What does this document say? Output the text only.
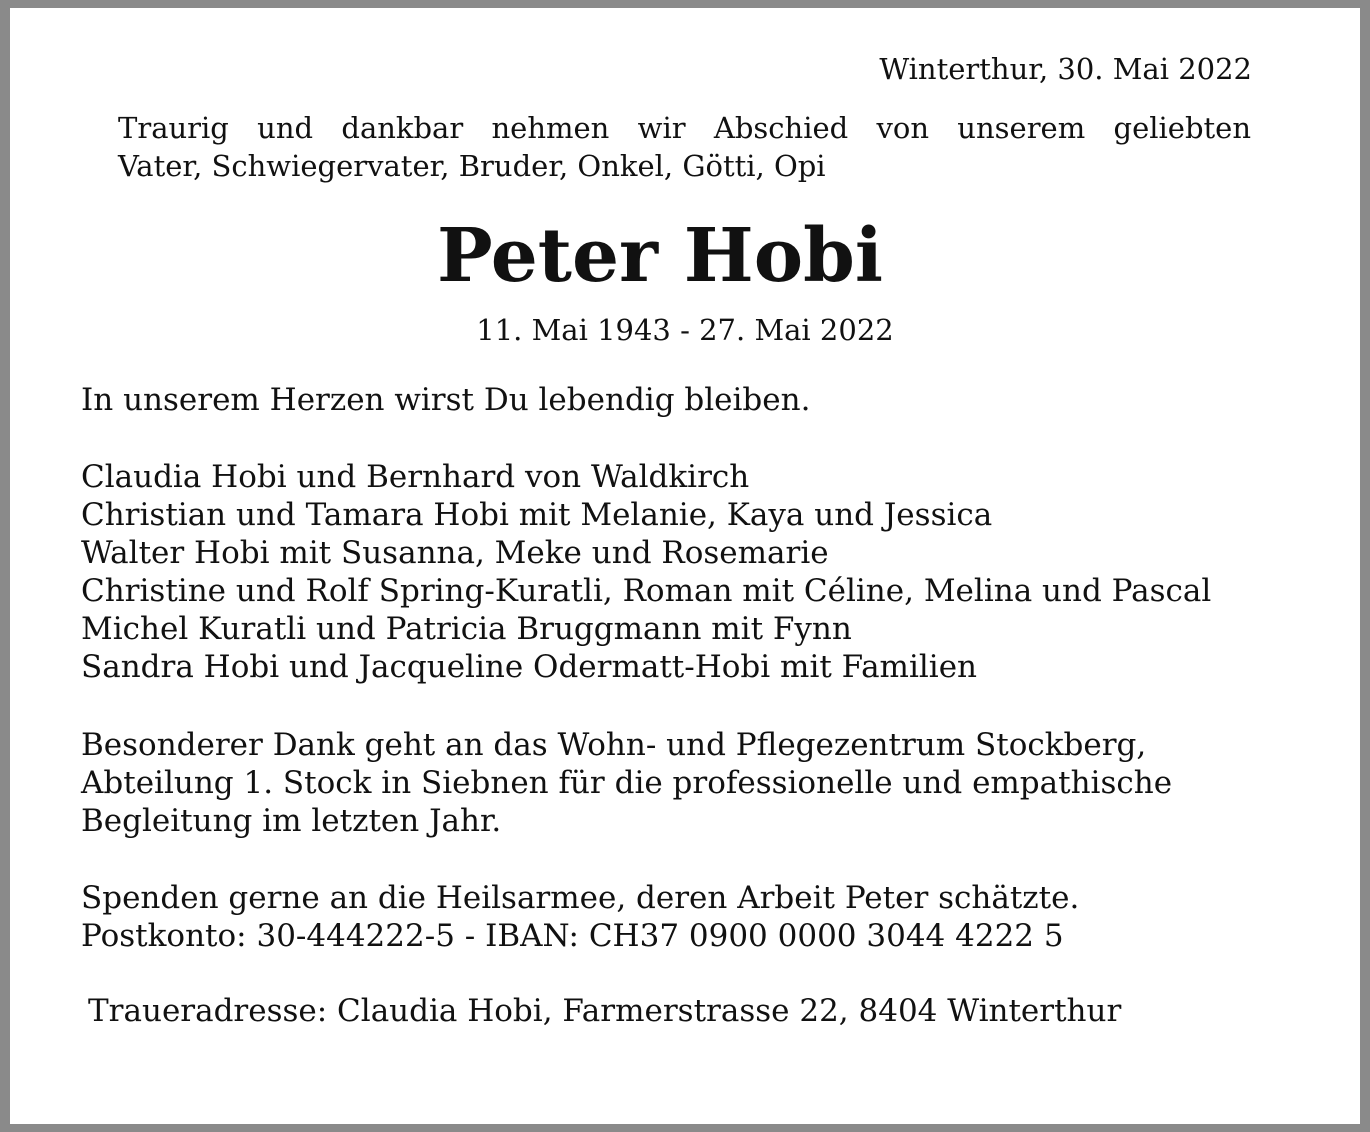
Winterthur, 30. Mai 2022

Traurig und dankbar nehmen wir Abschied von unserem geliebten
Vater, Schwiegervater, Bruder, Onkel, Götti, Opi
Peter Hobi

11. Mai 1943 - 27. Mai 2022

In unserem Herzen wirst Du lebendig bleiben.

Claudia Hobi und Bernhard von Waldkirch

Christian und Tamara Hobi mit Melanie, Kaya und Jessica

Walter Hobi mit Susanna, Meke und Rosemarie

Christine und Rolf Spring-Kuratli, Roman mit Céline, Melina und Pascal

Michel Kuratli und Patricia Bruggmann mit Fynn

Sandra Hobi und Jacqueline Odermatt-Hobi mit Familien

Besonderer Dank geht an das Wohn- und Pflegezentrum Stockberg,

Abteilung 1. Stock in Siebnen für die professionelle und empathische

Begleitung im letzten Jahr.

Spenden gerne an die Heilsarmee, deren Arbeit Peter schätzte.

Postkonto: 30-444222-5 - IBAN: CH37 0900 0000 3044 4222 5

Traueradresse: Claudia Hobi, Farmerstrasse 22, 8404 Winterthur
